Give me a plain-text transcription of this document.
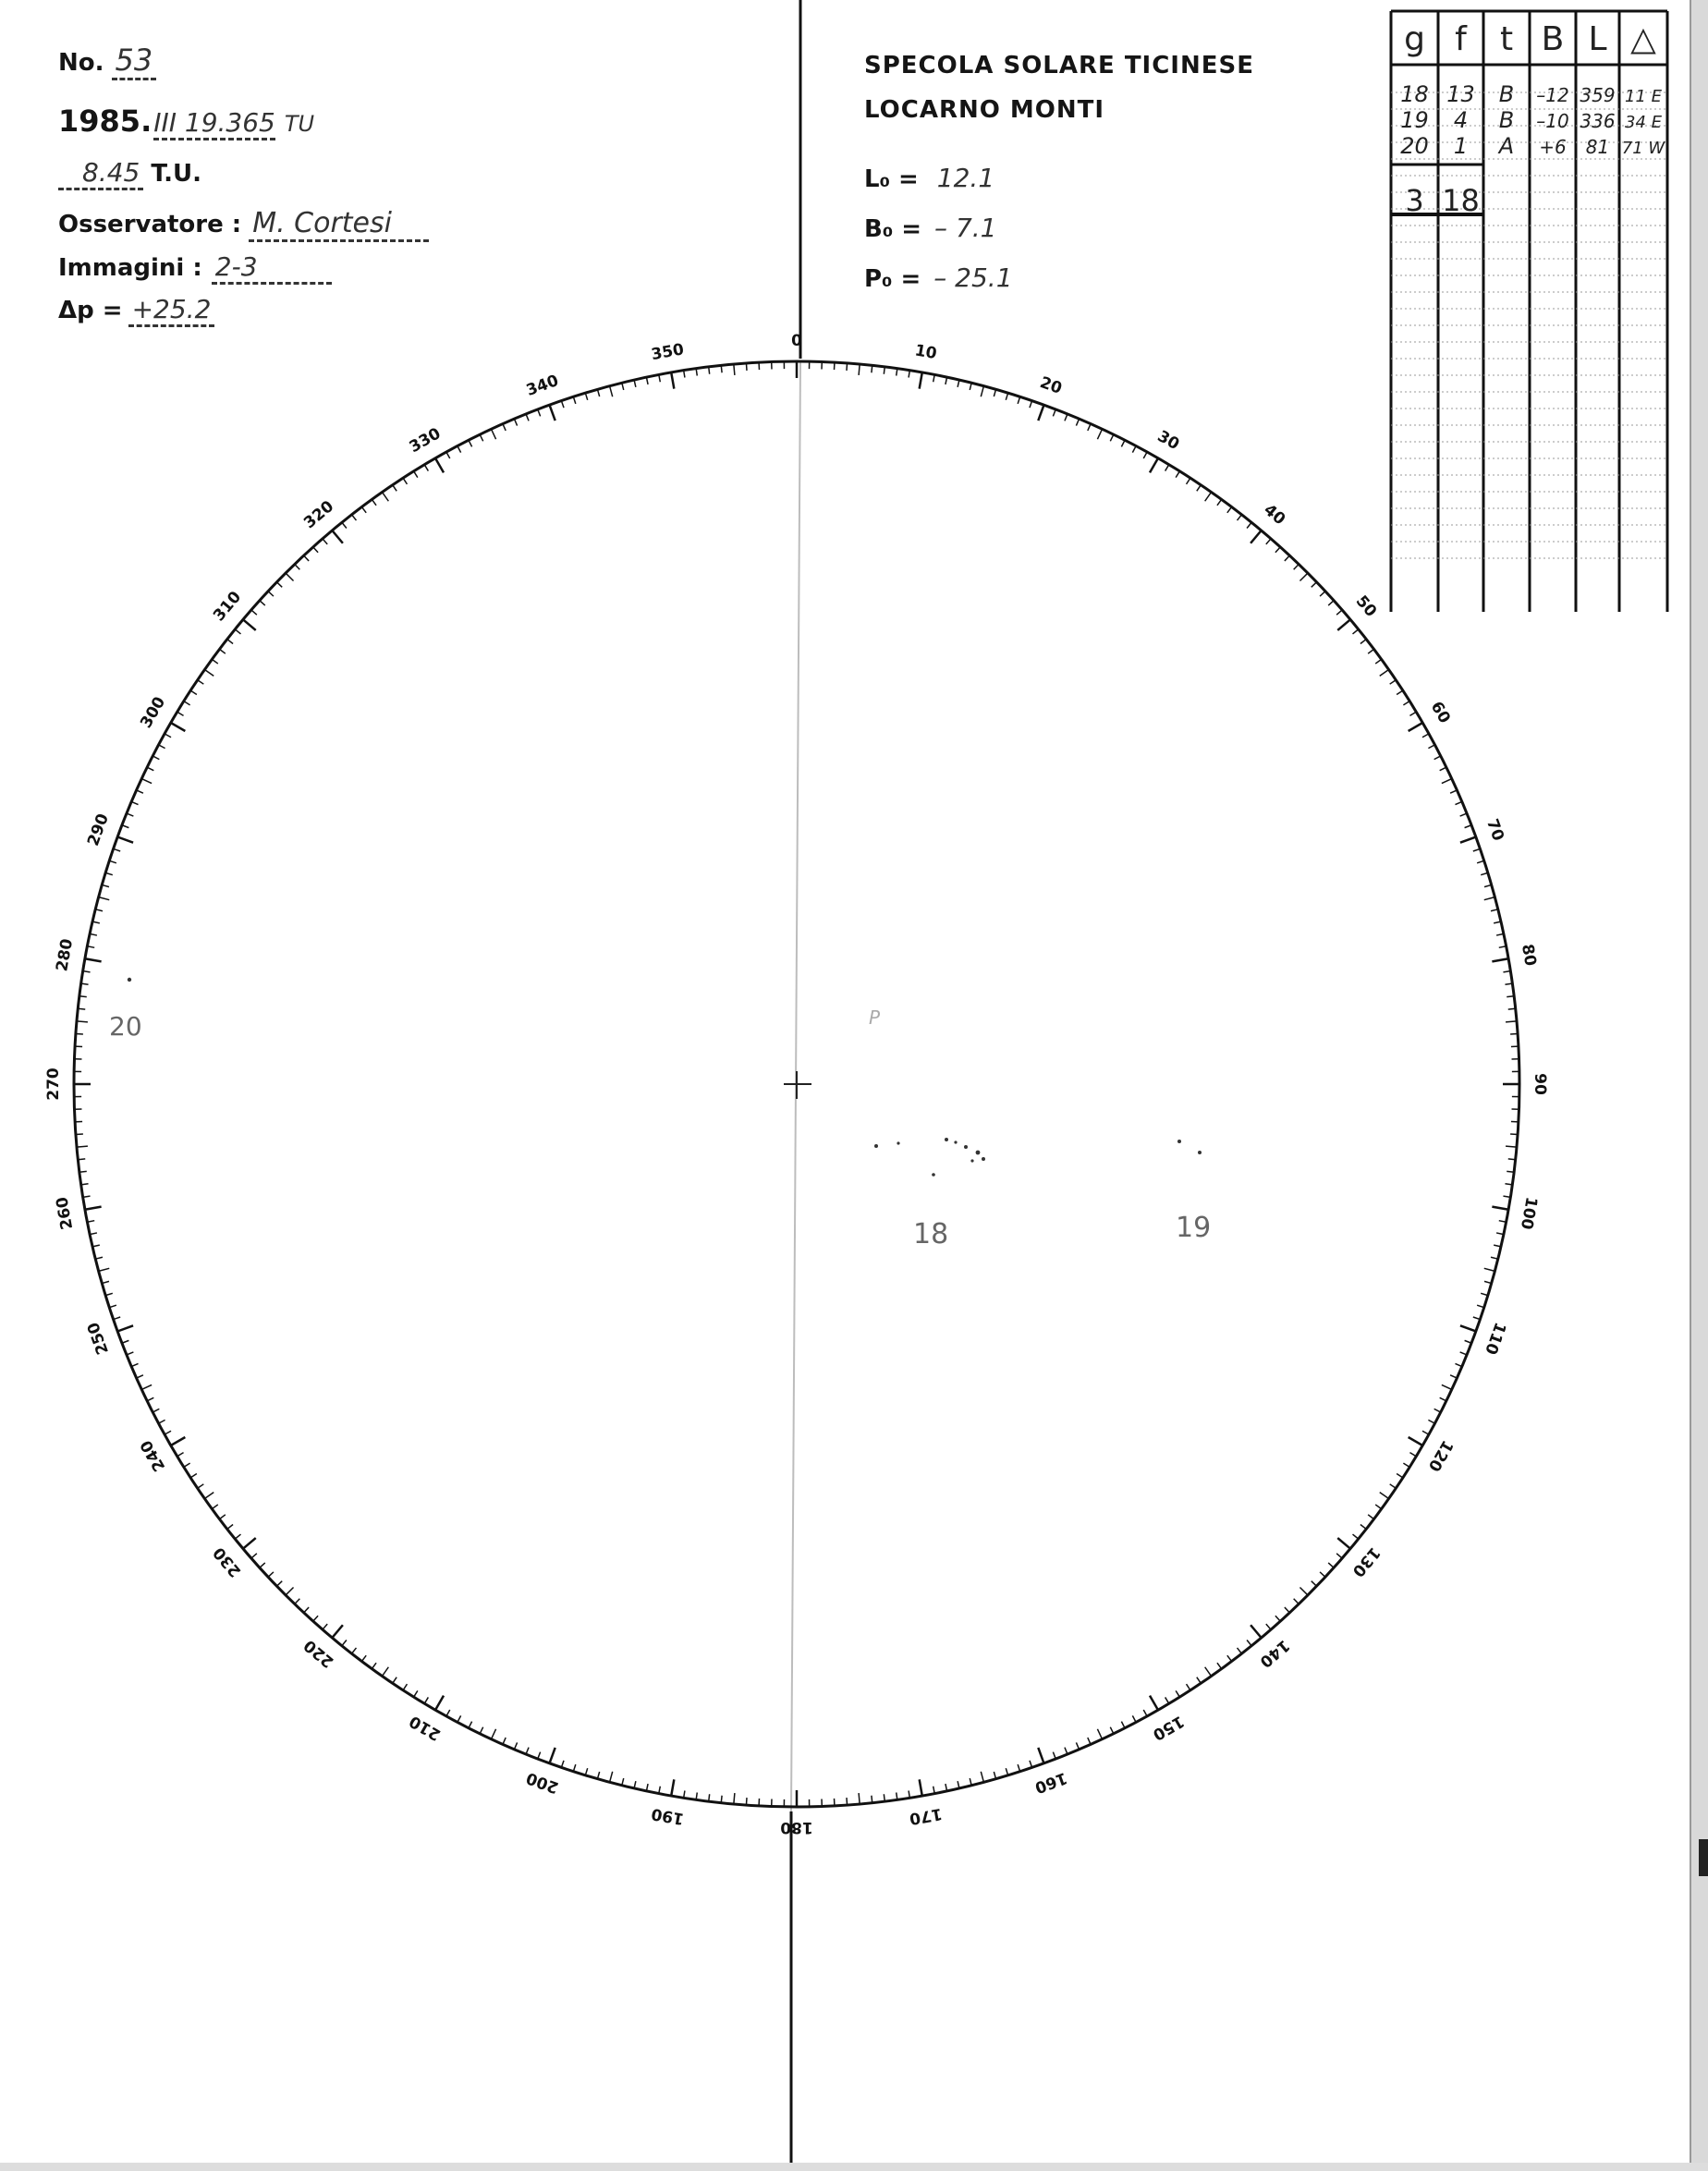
No. 53
1985. III 19.365 TU
8.45 T.U.
Osservatore : M. Cortesi
Immagini : 2-3
Δp = +25.2
SPECOLA SOLARE TICINESE
LOCARNO MONTI
L₀ = 12.1
B₀ = – 7.1
P₀ = – 25.1
g f t B L △
18 13 B –12 359 11 E
19 4 B –10 336 34 E
20 1 A +6 81 71 W
3 18
0
10
20
30
40
50
60
70
80
90
100
110
120
130
140
150
160
170
180
190
200
210
220
230
240
250
260
270
280
290
300
310
320
330
340
350
P
18	19
20
